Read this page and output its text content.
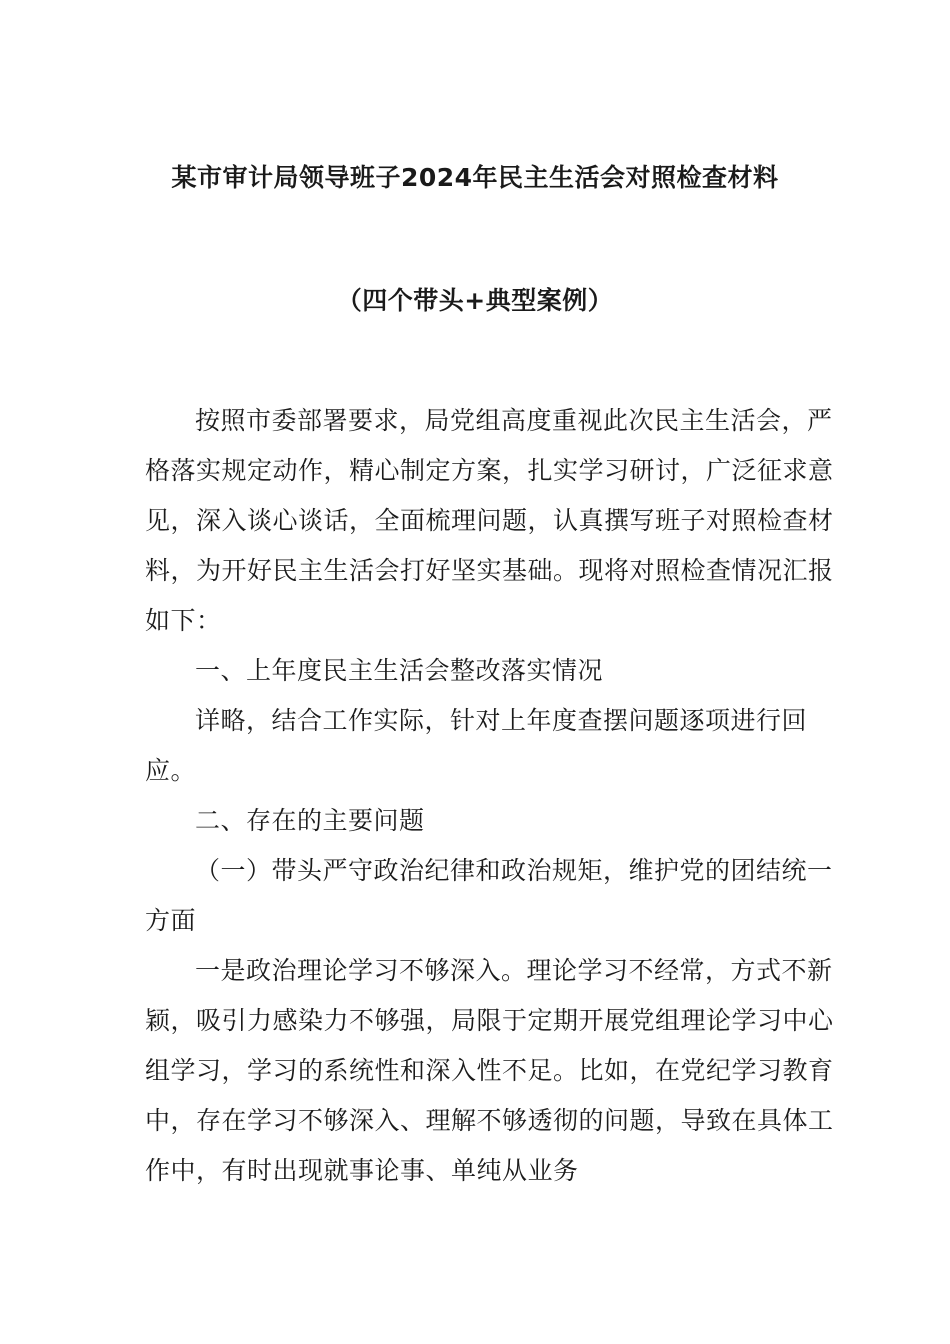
某市审计局领导班子2024年民主生活会对照检查材料
（四个带头+典型案例）

按照市委部署要求，局党组高度重视此次民主生活会，严格落实规定动作，精心制定方案，扎实学习研讨，广泛征求意见，深入谈心谈话，全面梳理问题，认真撰写班子对照检查材料，为开好民主生活会打好坚实基础。现将对照检查情况汇报如下：

一、上年度民主生活会整改落实情况

详略，结合工作实际，针对上年度查摆问题逐项进行回应。

二、存在的主要问题

（一）带头严守政治纪律和政治规矩，维护党的团结统一方面

一是政治理论学习不够深入。理论学习不经常，方式不新颖，吸引力感染力不够强，局限于定期开展党组理论学习中心组学习，学习的系统性和深入性不足。比如，在党纪学习教育中，存在学习不够深入、理解不够透彻的问题，导致在具体工作中，有时出现就事论事、单纯从业务
